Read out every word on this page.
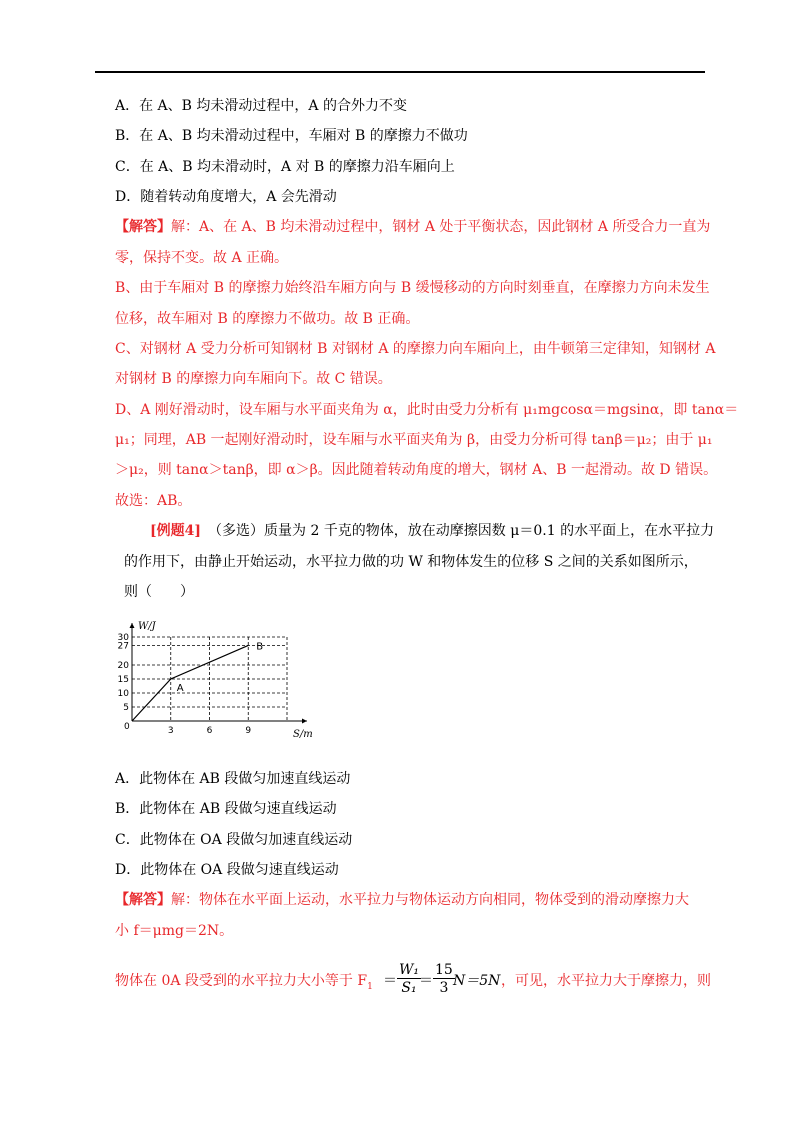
A．在 A、B 均未滑动过程中，A 的合外力不变
B．在 A、B 均未滑动过程中，车厢对 B 的摩擦力不做功
C．在 A、B 均未滑动时，A 对 B 的摩擦力沿车厢向上
D．随着转动角度增大，A 会先滑动
【解答】解：A、在 A、B 均未滑动过程中，钢材 A 处于平衡状态，因此钢材 A 所受合力一直为
零，保持不变。故 A 正确。
B、由于车厢对 B 的摩擦力始终沿车厢方向与 B 缓慢移动的方向时刻垂直，在摩擦力方向未发生
位移，故车厢对 B 的摩擦力不做功。故 B 正确。
C、对钢材 A 受力分析可知钢材 B 对钢材 A 的摩擦力向车厢向上，由牛顿第三定律知，知钢材 A
对钢材 B 的摩擦力向车厢向下。故 C 错误。
D、A 刚好滑动时，设车厢与水平面夹角为 α，此时由受力分析有 μ₁mgcosα＝mgsinα，即 tanα＝
μ₁；同理，AB 一起刚好滑动时，设车厢与水平面夹角为 β，由受力分析可得 tanβ＝μ₂；由于 μ₁
＞μ₂，则 tanα＞tanβ，即 α＞β。因此随着转动角度的增大，钢材 A、B 一起滑动。故 D 错误。
故选：AB。
[例题4]　 （多选）质量为 2 千克的物体，放在动摩擦因数 μ＝0.1 的水平面上，在水平拉力
的作用下，由静止开始运动，水平拉力做的功 W 和物体发生的位移 S 之间的关系如图所示，
则（　　）
30
27
20
15
10
5
3	6	9
0
W/J
S/m
A
B
A．此物体在 AB 段做匀加速直线运动
B．此物体在 AB 段做匀速直线运动
C．此物体在 OA 段做匀加速直线运动
D．此物体在 OA 段做匀速直线运动
【解答】解：物体在水平面上运动，水平拉力与物体运动方向相同，物体受到的滑动摩擦力大
小 f＝μmg＝2N。
物体在 0A 段受到的水平拉力大小等于 $F_1 = \frac{\text{W₁}}{\text{S₁}}$
＝ $\frac{15}{3}$
N＝5N ，可见，水平拉力大于摩擦力，则
